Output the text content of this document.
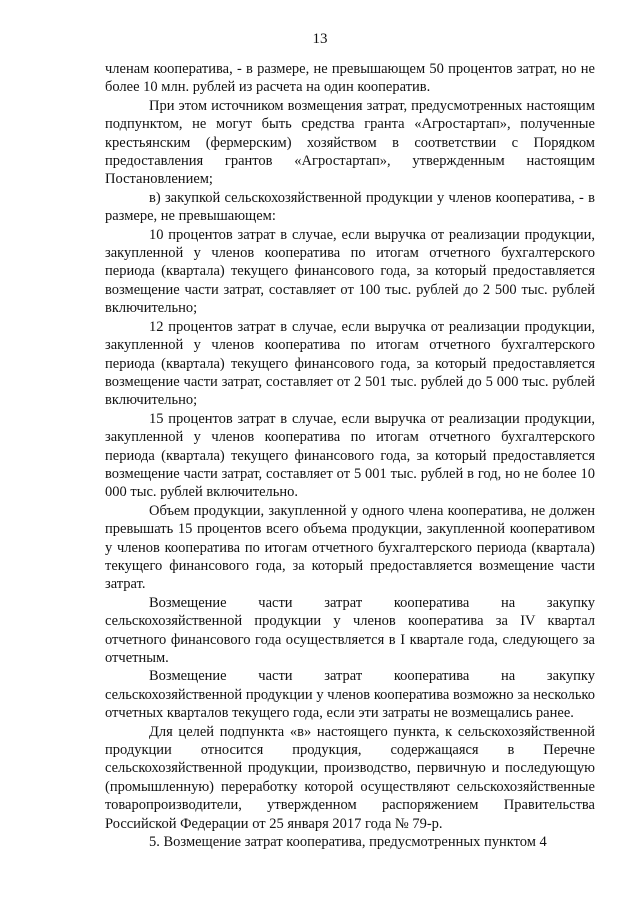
13

членам кооператива, - в размере, не превышающем 50 процентов затрат, но не более 10 млн. рублей из расчета на один кооператив.

При этом источником возмещения затрат, предусмотренных настоящим подпунктом, не могут быть средства гранта «Агростартап», полученные крестьянским (фермерским) хозяйством в соответствии с Порядком предоставления грантов «Агростартап», утвержденным настоящим Постановлением;

в) закупкой сельскохозяйственной продукции у членов кооператива, - в размере, не превышающем:

10 процентов затрат в случае, если выручка от реализации продукции, закупленной у членов кооператива по итогам отчетного бухгалтерского периода (квартала) текущего финансового года, за который предоставляется возмещение части затрат, составляет от 100 тыс. рублей до 2 500 тыс. рублей включительно;

12 процентов затрат в случае, если выручка от реализации продукции, закупленной у членов кооператива по итогам отчетного бухгалтерского периода (квартала) текущего финансового года, за который предоставляется возмещение части затрат, составляет от 2 501 тыс. рублей до 5 000 тыс. рублей включительно;

15 процентов затрат в случае, если выручка от реализации продукции, закупленной у членов кооператива по итогам отчетного бухгалтерского периода (квартала) текущего финансового года, за который предоставляется возмещение части затрат, составляет от 5 001 тыс. рублей в год, но не более 10 000 тыс. рублей включительно.

Объем продукции, закупленной у одного члена кооператива, не должен превышать 15 процентов всего объема продукции, закупленной кооперативом у членов кооператива по итогам отчетного бухгалтерского периода (квартала) текущего финансового года, за который предоставляется возмещение части затрат.

Возмещение части затрат кооператива на закупку сельскохозяйственной продукции у членов кооператива за IV квартал отчетного финансового года осуществляется в I квартале года, следующего за отчетным.

Возмещение части затрат кооператива на закупку сельскохозяйственной продукции у членов кооператива возможно за несколько отчетных кварталов текущего года, если эти затраты не возмещались ранее.

Для целей подпункта «в» настоящего пункта, к сельскохозяйственной продукции относится продукция, содержащаяся в Перечне сельскохозяйственной продукции, производство, первичную и последующую (промышленную) переработку которой осуществляют сельскохозяйственные товаропроизводители, утвержденном распоряжением Правительства Российской Федерации от 25 января 2017 года № 79-р.

5. Возмещение затрат кооператива, предусмотренных пунктом 4
